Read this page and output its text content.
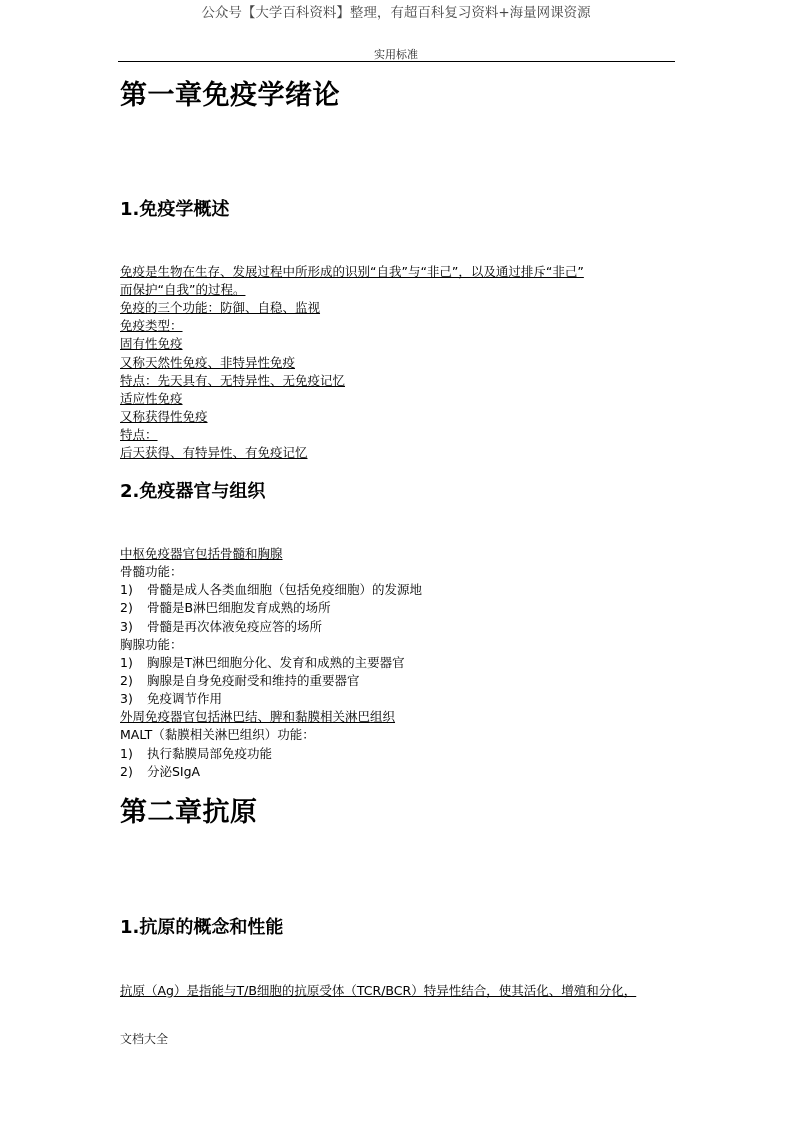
公众号【大学百科资料】整理，有超百科复习资料+海量网课资源
实用标准
第一章免疫学绪论
1.免疫学概述
免疫是生物在生存、发展过程中所形成的识别“自我”与“非己”，以及通过排斥“非己”
而保护“自我”的过程。
免疫的三个功能：防御、自稳、监视
免疫类型：
固有性免疫
又称天然性免疫、非特异性免疫
特点：先天具有、无特异性、无免疫记忆
适应性免疫
又称获得性免疫
特点：
后天获得、有特异性、有免疫记忆
2.免疫器官与组织
中枢免疫器官包括骨髓和胸腺
骨髓功能：
1) 骨髓是成人各类血细胞（包括免疫细胞）的发源地
2) 骨髓是B淋巴细胞发育成熟的场所
3) 骨髓是再次体液免疫应答的场所
胸腺功能：
1) 胸腺是T淋巴细胞分化、发育和成熟的主要器官
2) 胸腺是自身免疫耐受和维持的重要器官
3) 免疫调节作用
外周免疫器官包括淋巴结、脾和黏膜相关淋巴组织
MALT（黏膜相关淋巴组织）功能：
1) 执行黏膜局部免疫功能
2) 分泌SIgA
第二章抗原
1.抗原的概念和性能
抗原（Ag）是指能与T/B细胞的抗原受体（TCR/BCR）特异性结合，使其活化、增殖和分化，
文档大全
